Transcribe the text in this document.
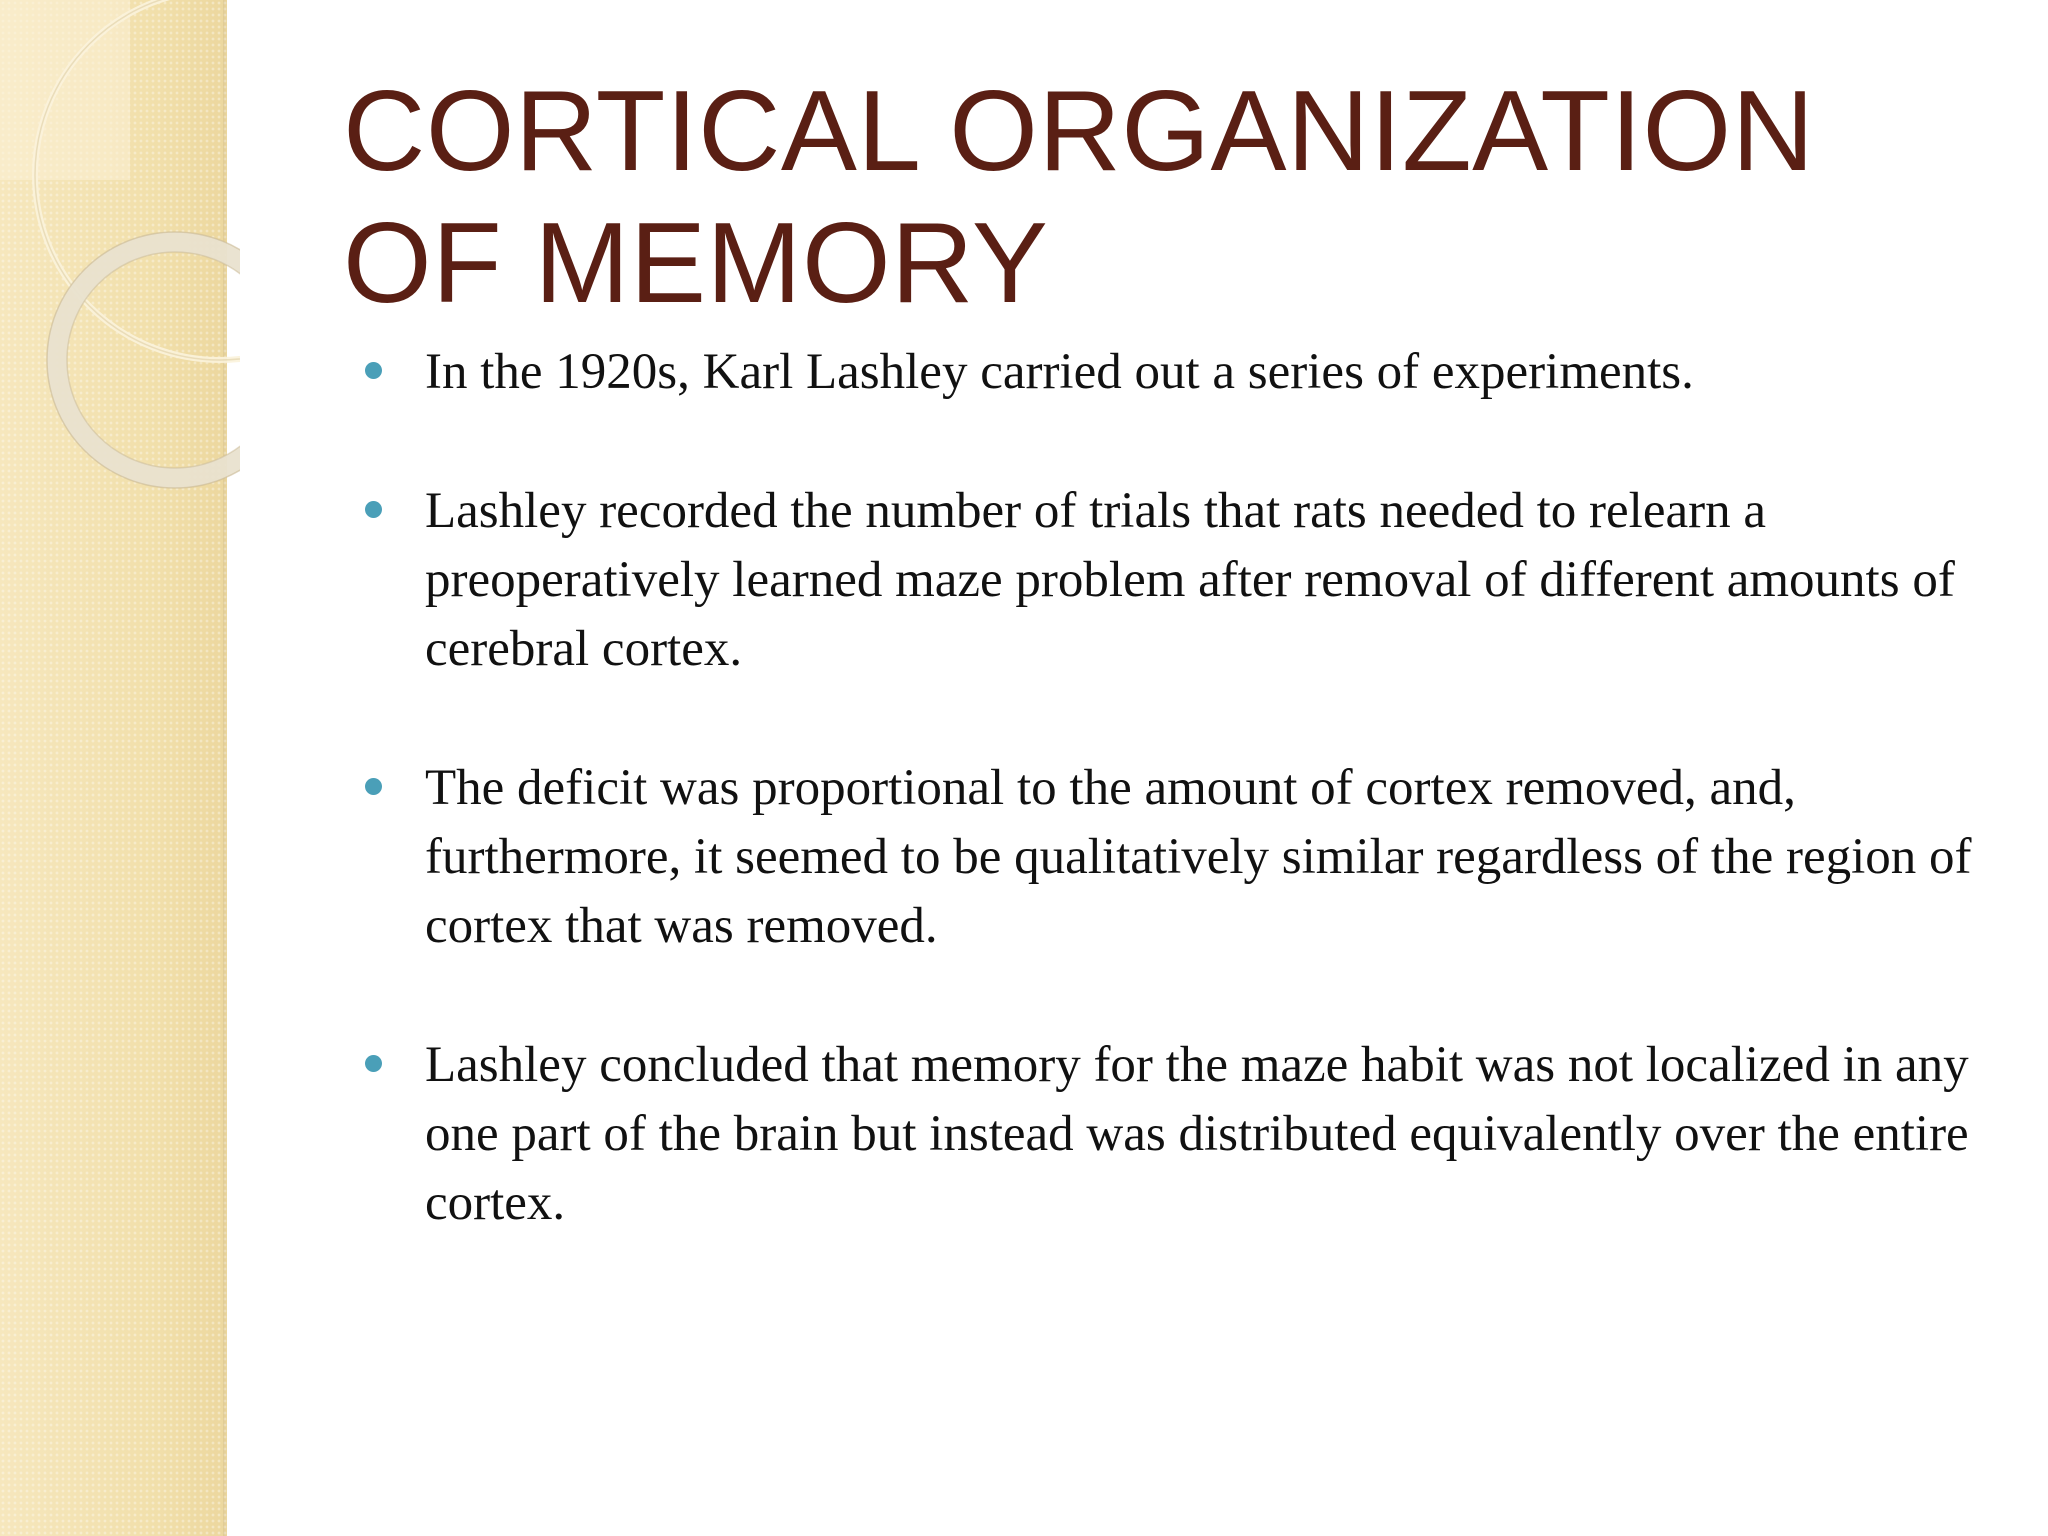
CORTICAL ORGANIZATION OF MEMORY
In the 1920s, Karl Lashley carried out a series of experiments.
Lashley recorded the number of trials that rats needed to relearn a preoperatively learned maze problem after removal of different amounts of cerebral cortex.
The deficit was proportional to the amount of cortex removed, and, furthermore, it seemed to be qualitatively similar regardless of the region of cortex that was removed.
Lashley concluded that memory for the maze habit was not localized in any one part of the brain but instead was distributed equivalently over the entire cortex.
